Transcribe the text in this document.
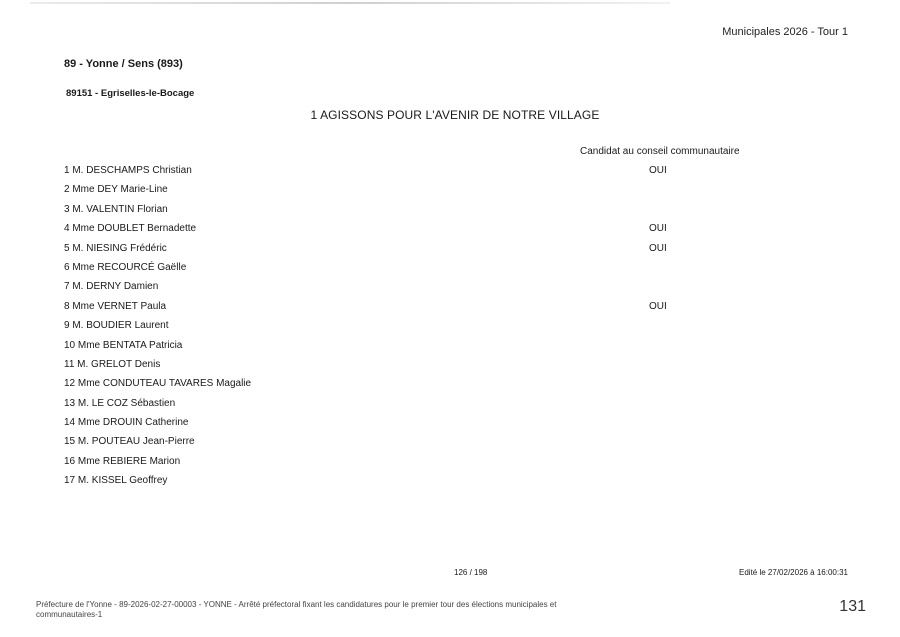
Municipales 2026 - Tour 1
89 - Yonne / Sens (893)
89151 - Egriselles-le-Bocage
1 AGISSONS POUR L'AVENIR DE NOTRE VILLAGE
Candidat au conseil communautaire
1 M. DESCHAMPS Christian	OUI
2 Mme DEY Marie-Line
3 M. VALENTIN Florian
4 Mme DOUBLET Bernadette	OUI
5 M. NIESING Frédéric	OUI
6 Mme RECOURCÉ Gaëlle
7 M. DERNY Damien
8 Mme VERNET Paula	OUI
9 M. BOUDIER Laurent
10 Mme BENTATA Patricia
11 M. GRELOT Denis
12 Mme CONDUTEAU TAVARES Magalie
13 M. LE COZ Sébastien
14 Mme DROUIN Catherine
15 M. POUTEAU Jean-Pierre
16 Mme REBIERE Marion
17 M. KISSEL Geoffrey
126 / 198	Edité le 27/02/2026 à 16:00:31
Préfecture de l'Yonne - 89-2026-02-27-00003 - YONNE - Arrêté préfectoral fixant les candidatures pour le premier tour des élections municipales et communautaires-1	131
